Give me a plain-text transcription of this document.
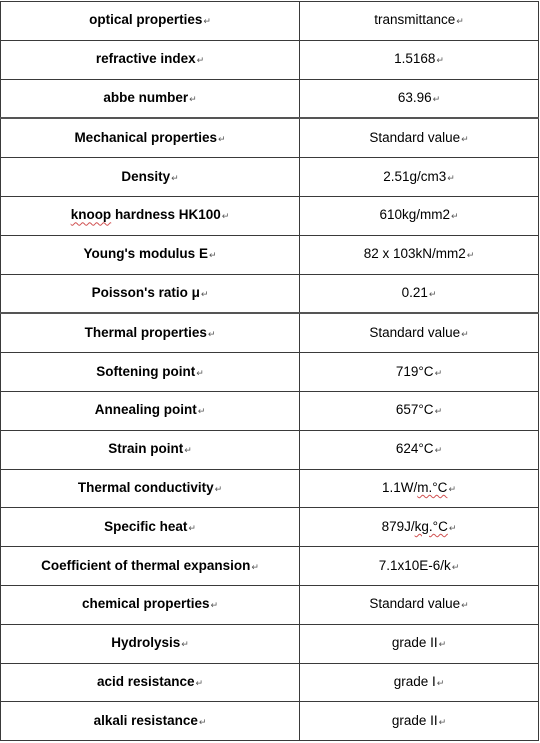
optical properties↵	transmittance↵
refractive index↵	1.5168↵
abbe number↵	63.96↵
Mechanical properties↵	Standard value↵
Density↵	2.51g/cm3↵
knoop hardness HK100↵	610kg/mm2↵
Young's modulus E↵	82 x 103kN/mm2↵
Poisson's ratio μ↵	0.21↵
Thermal properties↵	Standard value↵
Softening point↵	719°C↵
Annealing point↵	657°C↵
Strain point↵	624°C↵
Thermal conductivity↵	1.1W/m.°C↵
Specific heat↵	879J/kg.°C↵
Coefficient of thermal expansion↵	7.1x10E-6/k↵
chemical properties↵	Standard value↵
Hydrolysis↵	grade II↵
acid resistance↵	grade I↵
alkali resistance↵	grade II↵
